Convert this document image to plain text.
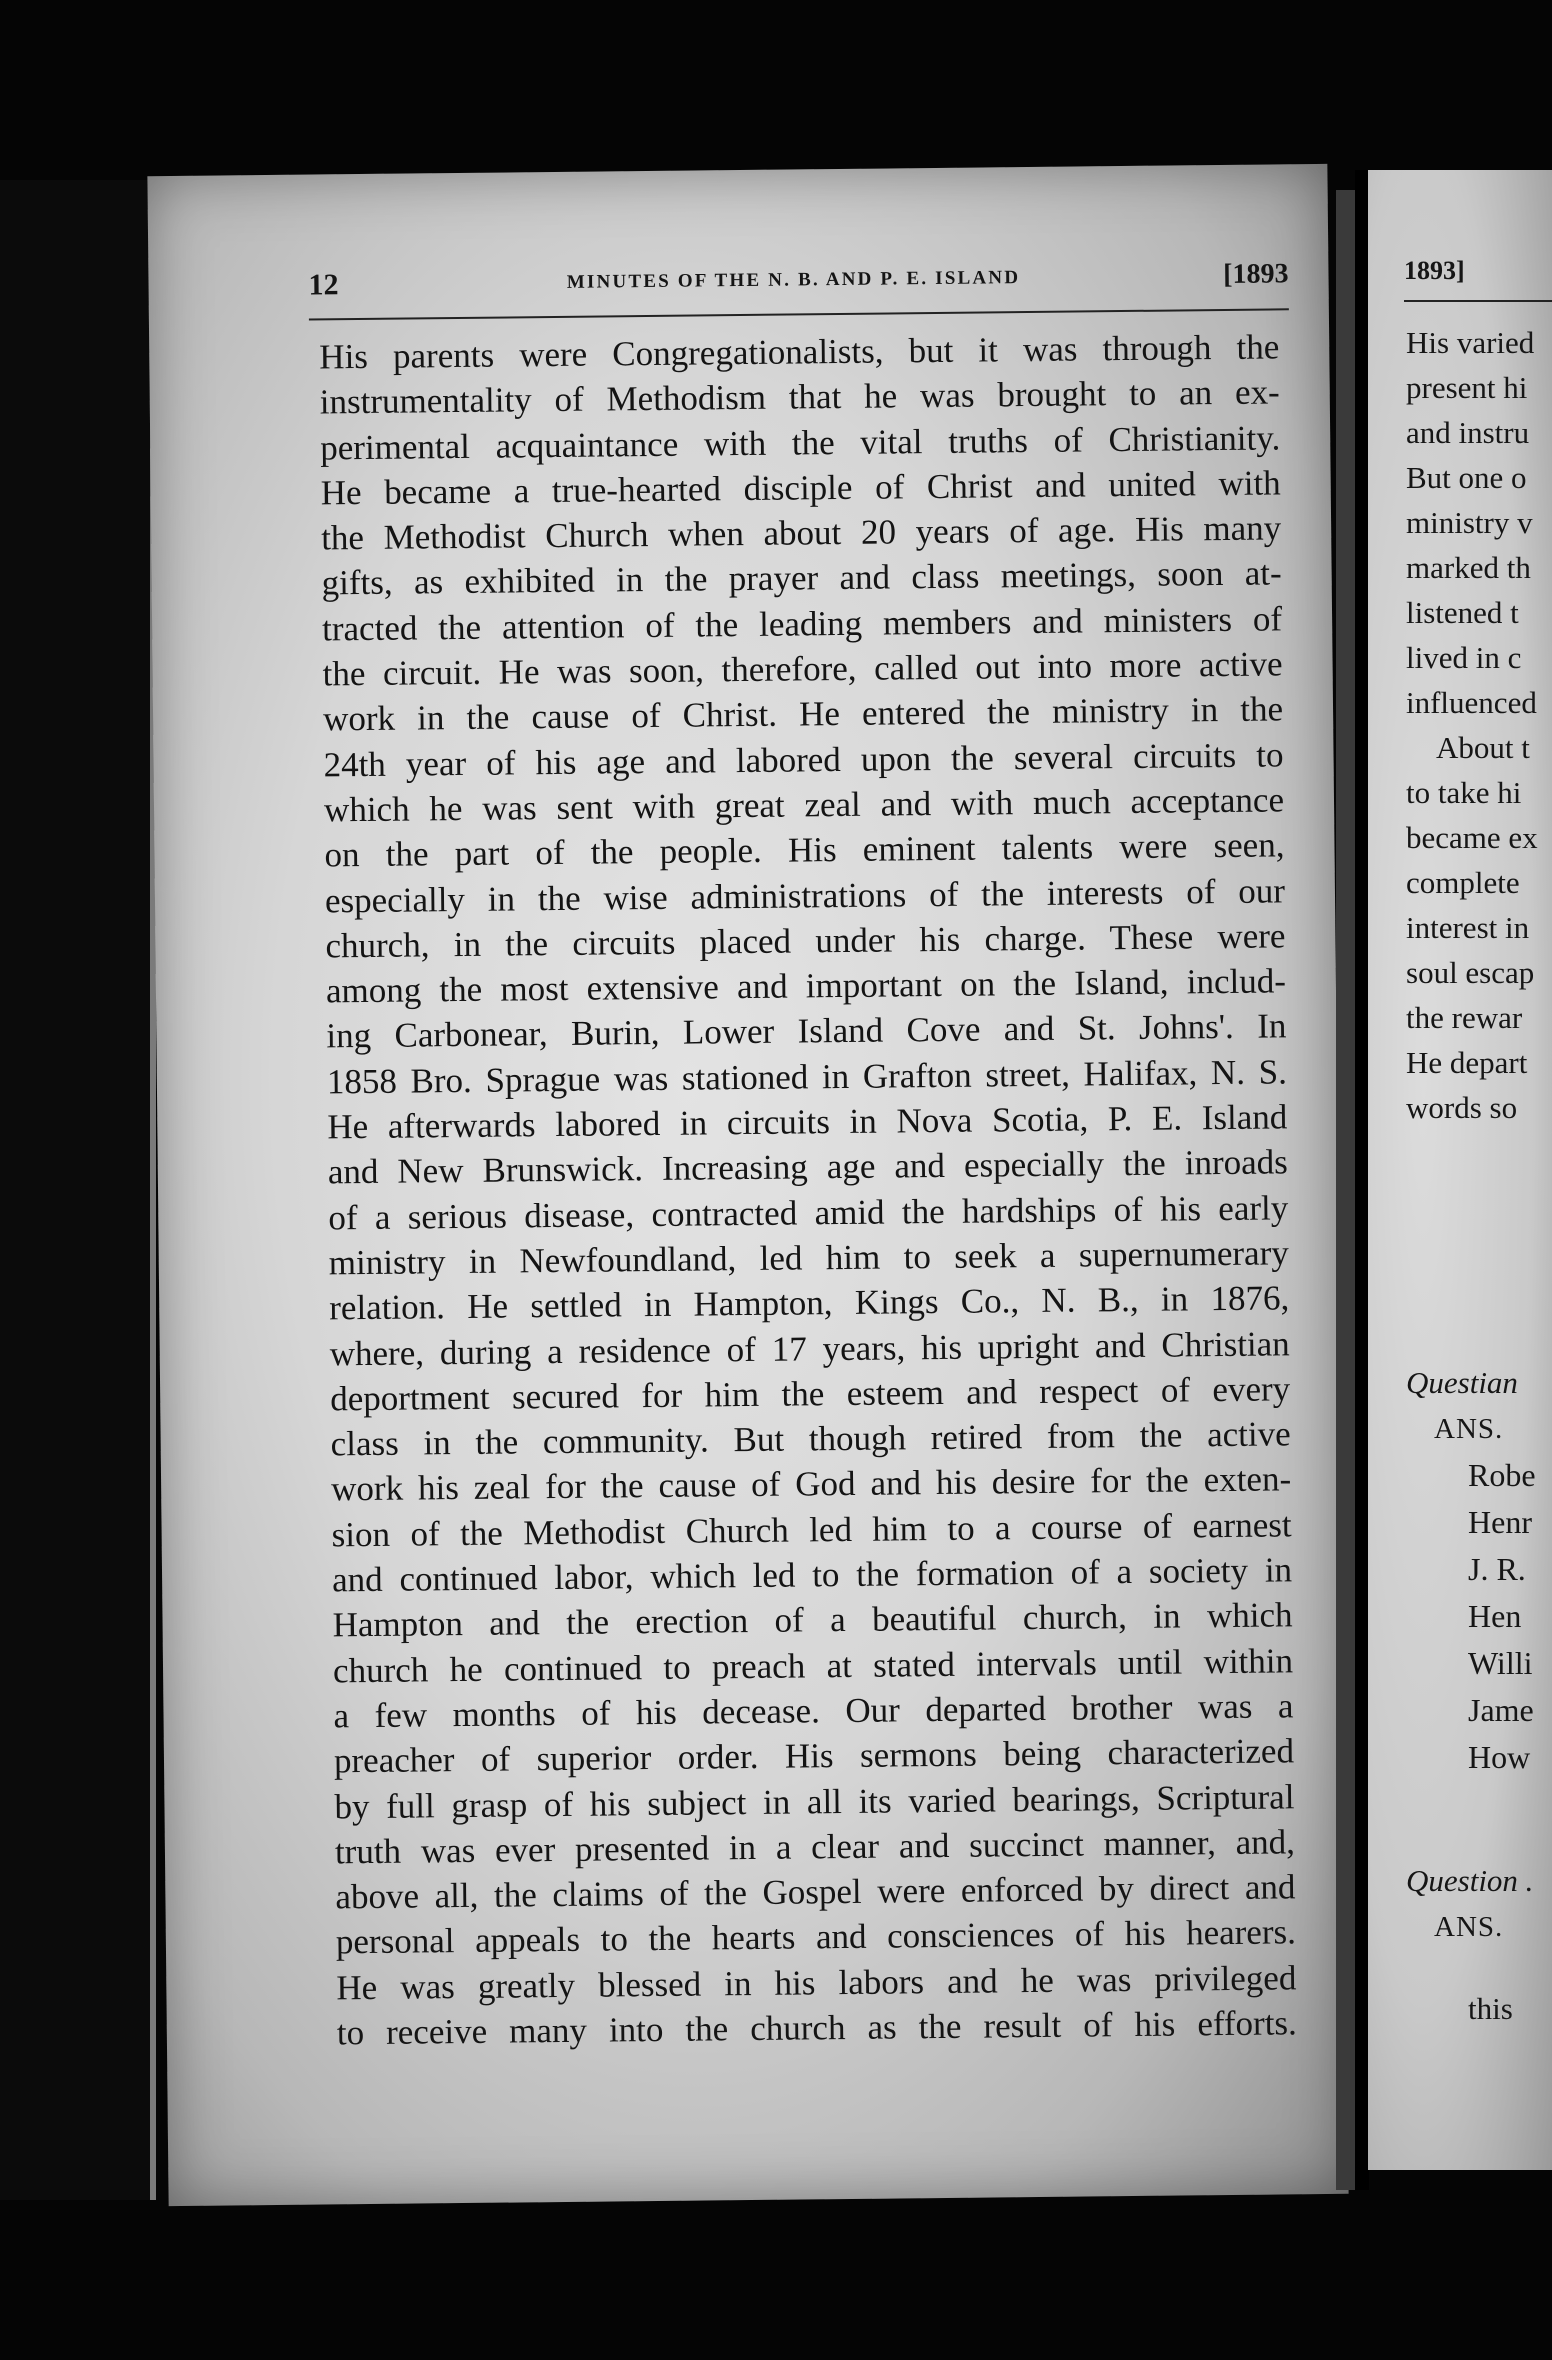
12	MINUTES OF THE N. B. AND P. E. ISLAND	[1893
His parents were Congregationalists, but it was through the
instrumentality of Methodism that he was brought to an ex-
perimental acquaintance with the vital truths of Christianity.
He became a true-hearted disciple of Christ and united with
the Methodist Church when about 20 years of age. His many
gifts, as exhibited in the prayer and class meetings, soon at-
tracted the attention of the leading members and ministers of
the circuit. He was soon, therefore, called out into more active
work in the cause of Christ. He entered the ministry in the
24th year of his age and labored upon the several circuits to
which he was sent with great zeal and with much acceptance
on the part of the people. His eminent talents were seen,
especially in the wise administrations of the interests of our
church, in the circuits placed under his charge. These were
among the most extensive and important on the Island, includ-
ing Carbonear, Burin, Lower Island Cove and St. Johns'. In
1858 Bro. Sprague was stationed in Grafton street, Halifax, N. S.
He afterwards labored in circuits in Nova Scotia, P. E. Island
and New Brunswick. Increasing age and especially the inroads
of a serious disease, contracted amid the hardships of his early
ministry in Newfoundland, led him to seek a supernumerary
relation. He settled in Hampton, Kings Co., N. B., in 1876,
where, during a residence of 17 years, his upright and Christian
deportment secured for him the esteem and respect of every
class in the community. But though retired from the active
work his zeal for the cause of God and his desire for the exten-
sion of the Methodist Church led him to a course of earnest
and continued labor, which led to the formation of a society in
Hampton and the erection of a beautiful church, in which
church he continued to preach at stated intervals until within
a few months of his decease. Our departed brother was a
preacher of superior order. His sermons being characterized
by full grasp of his subject in all its varied bearings, Scriptural
truth was ever presented in a clear and succinct manner, and,
above all, the claims of the Gospel were enforced by direct and
personal appeals to the hearts and consciences of his hearers.
He was greatly blessed in his labors and he was privileged
to receive many into the church as the result of his efforts.
1893]
His varied
present hi
and instru
But one o
ministry v
marked th
listened t
lived in c
influenced
About t
to take hi
became ex
complete
interest in
soul escap
the rewar
He depart
words so
Questian
ANS.
Robe
Henr
J. R.
Hen
Willi
Jame
How
Question .
ANS.
this
